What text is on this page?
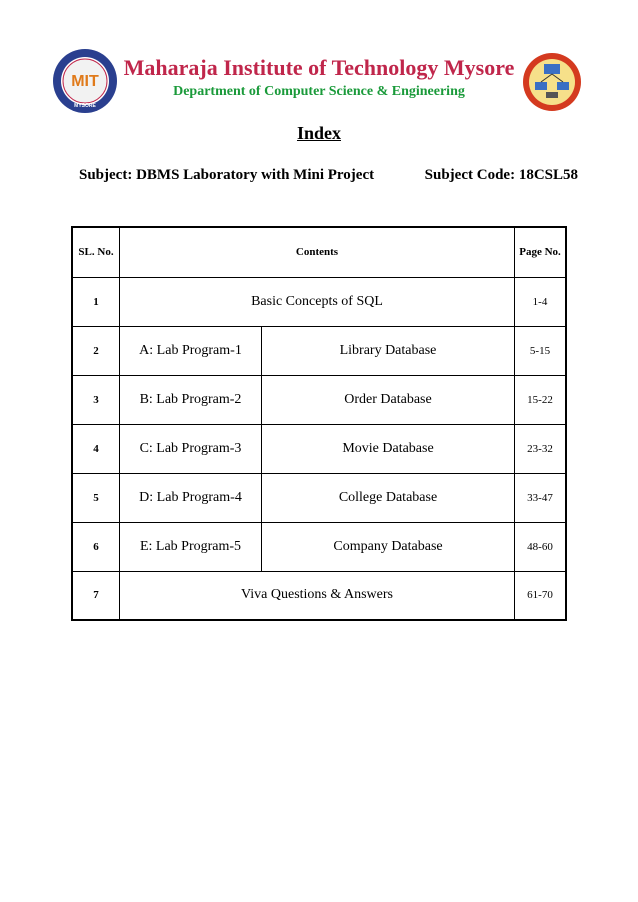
MIT
MYSORE
Maharaja Institute of Technology Mysore
Department of Computer Science & Engineering
Index
Subject: DBMS Laboratory with Mini Project	Subject Code: 18CSL58
SL. No.	Contents		Page No.
1	Basic Concepts of SQL		1-4
2	A: Lab Program-1	Library Database	5-15
3	B: Lab Program-2	Order Database	15-22
4	C: Lab Program-3	Movie Database	23-32
5	D: Lab Program-4	College Database	33-47
6	E: Lab Program-5	Company Database	48-60
7	Viva Questions & Answers		61-70
